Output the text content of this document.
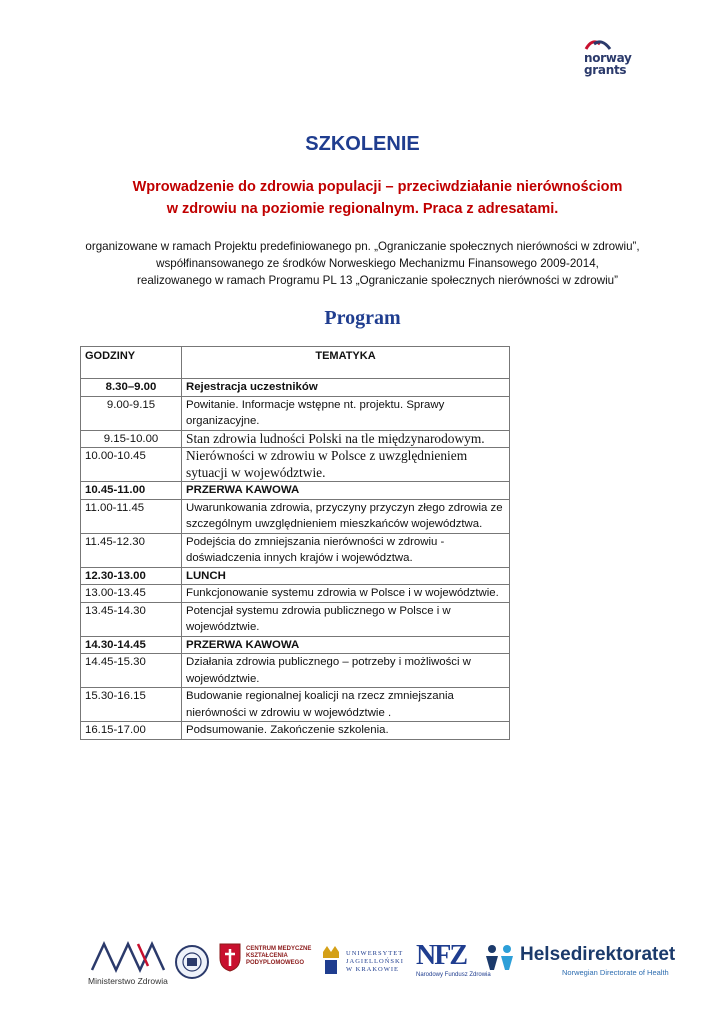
norway
grants
SZKOLENIE
Wprowadzenie do zdrowia populacji – przeciwdziałanie nierównościom
w zdrowiu na poziomie regionalnym. Praca z adresatami.
organizowane w ramach Projektu predefiniowanego pn. „Ograniczanie społecznych nierówności w zdrowiu”,
współfinansowanego ze środków Norweskiego Mechanizmu Finansowego 2009-2014,
realizowanego w ramach Programu PL 13 „Ograniczanie społecznych nierówności w zdrowiu”
Program
GODZINY	TEMATYKA
8.30–9.00	Rejestracja uczestników
9.00-9.15	Powitanie. Informacje wstępne nt. projektu. Sprawy organizacyjne.
9.15-10.00	Stan zdrowia ludności Polski na tle międzynarodowym.
10.00-10.45	Nierówności w zdrowiu w Polsce z uwzględnieniem sytuacji w województwie.
10.45-11.00	PRZERWA KAWOWA
11.00-11.45	Uwarunkowania zdrowia, przyczyny przyczyn złego zdrowia ze szczególnym uwzględnieniem mieszkańców województwa.
11.45-12.30	Podejścia do zmniejszania nierówności w zdrowiu - doświadczenia innych krajów i województwa.
12.30-13.00	LUNCH
13.00-13.45	Funkcjonowanie systemu zdrowia w Polsce i w województwie.
13.45-14.30	Potencjał systemu zdrowia publicznego w Polsce i w województwie.
14.30-14.45	PRZERWA KAWOWA
14.45-15.30	Działania zdrowia publicznego – potrzeby i możliwości w województwie.
15.30-16.15	Budowanie regionalnej koalicji na rzecz zmniejszania nierówności w zdrowiu w województwie .
16.15-17.00	Podsumowanie. Zakończenie szkolenia.
Ministerstwo Zdrowia
CENTRUM MEDYCZNE
KSZTAŁCENIA
PODYPLOMOWEGO
UNIWERSYTET
JAGIELLOŃSKI
W KRAKOWIE NFZ
Narodowy Fundusz Zdrowia
Helsedirektoratet
Norwegian Directorate of Health
